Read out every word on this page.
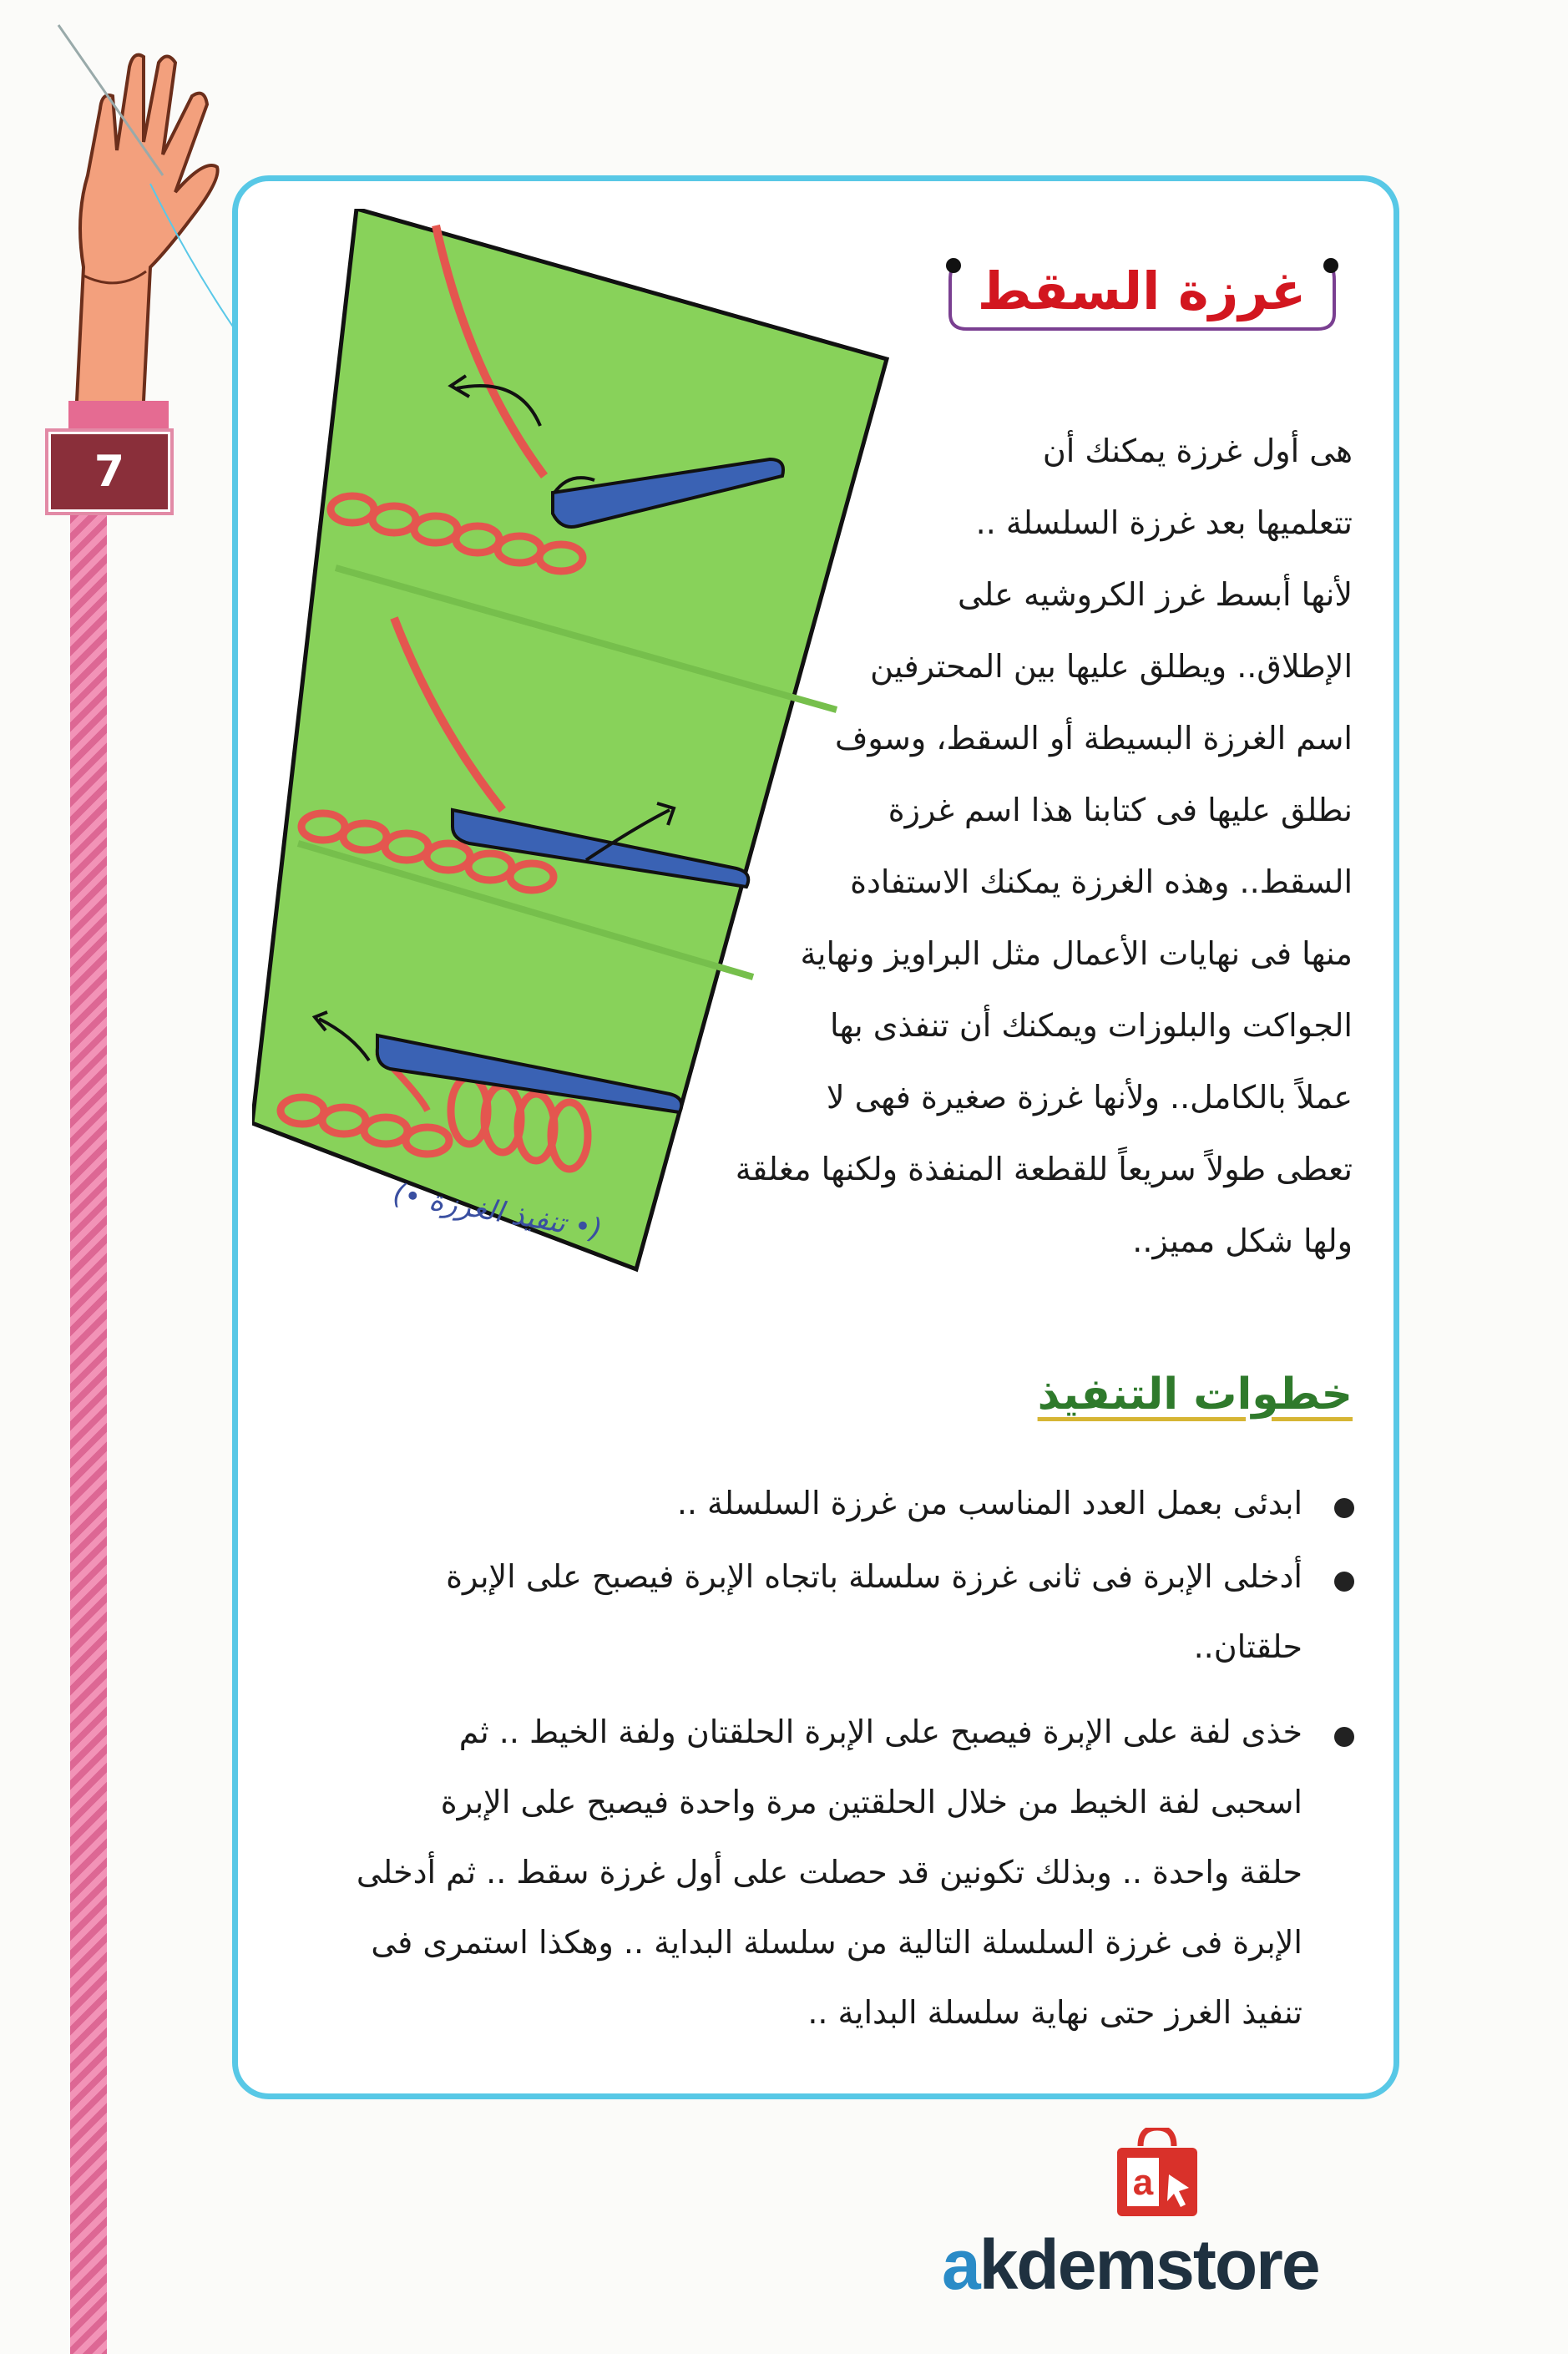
7
(• تنفيذ الغرزة •)
غرزة السقط
هى أول غرزة يمكنك أن
تتعلميها بعد غرزة السلسلة ..
لأنها أبسط غرز الكروشيه على
الإطلاق.. ويطلق عليها بين المحترفين
اسم الغرزة البسيطة أو السقط، وسوف
نطلق عليها فى كتابنا هذا اسم غرزة
السقط.. وهذه الغرزة يمكنك الاستفادة
منها فى نهايات الأعمال مثل البراويز ونهاية
الجواكت والبلوزات ويمكنك أن تنفذى بها
عملاً بالكامل.. ولأنها غرزة صغيرة فهى لا
تعطى طولاً سريعاً للقطعة المنفذة ولكنها مغلقة
ولها شكل مميز..
خطوات التنفيذ
ابدئى بعمل العدد المناسب من غرزة السلسلة ..
أدخلى الإبرة فى ثانى غرزة سلسلة باتجاه الإبرة فيصبح على الإبرة
حلقتان..
خذى لفة على الإبرة فيصبح على الإبرة الحلقتان ولفة الخيط .. ثم
اسحبى لفة الخيط من خلال الحلقتين مرة واحدة فيصبح على الإبرة
حلقة واحدة .. وبذلك تكونين قد حصلت على أول غرزة سقط .. ثم أدخلى
الإبرة فى غرزة السلسلة التالية من سلسلة البداية .. وهكذا استمرى فى
تنفيذ الغرز حتى نهاية سلسلة البداية ..
a
akdemstore
